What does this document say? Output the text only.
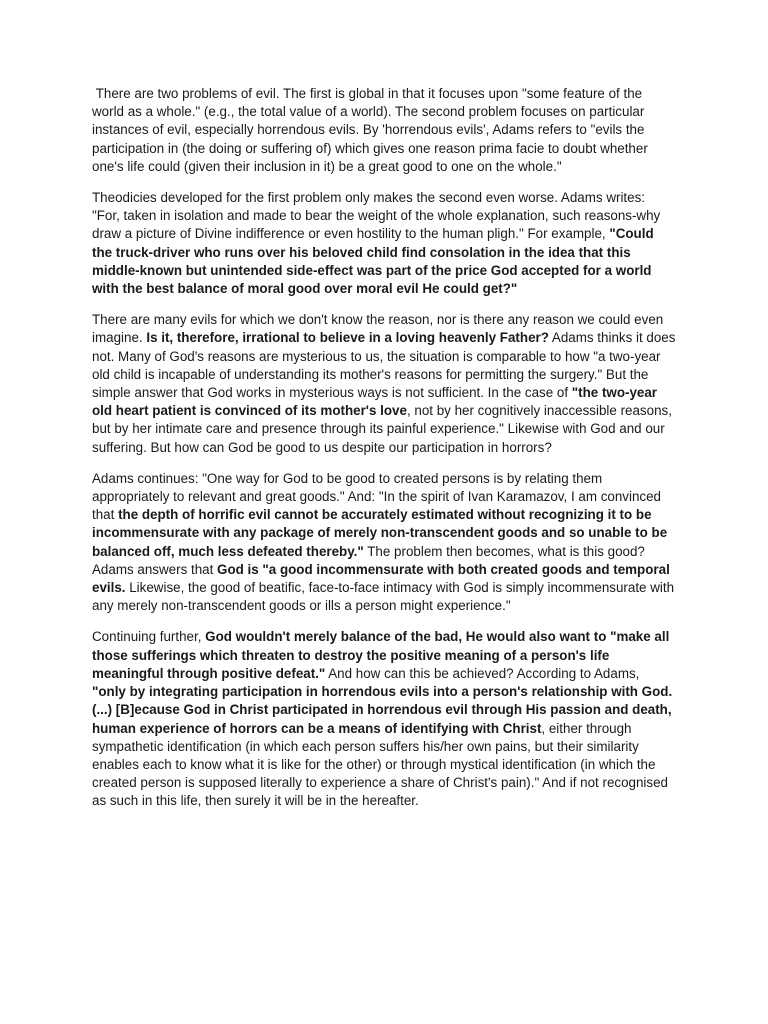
There are two problems of evil. The first is global in that it focuses upon "some feature of the world as a whole." (e.g., the total value of a world). The second problem focuses on particular instances of evil, especially horrendous evils. By 'horrendous evils', Adams refers to "evils the participation in (the doing or suffering of) which gives one reason prima facie to doubt whether one's life could (given their inclusion in it) be a great good to one on the whole."

Theodicies developed for the first problem only makes the second even worse. Adams writes: "For, taken in isolation and made to bear the weight of the whole explanation, such reasons-why draw a picture of Divine indifference or even hostility to the human pligh." For example, "Could the truck-driver who runs over his beloved child find consolation in the idea that this middle-known but unintended side-effect was part of the price God accepted for a world with the best balance of moral good over moral evil He could get?"

There are many evils for which we don't know the reason, nor is there any reason we could even imagine. Is it, therefore, irrational to believe in a loving heavenly Father? Adams thinks it does not. Many of God's reasons are mysterious to us, the situation is comparable to how "a two-year old child is incapable of understanding its mother's reasons for permitting the surgery." But the simple answer that God works in mysterious ways is not sufficient. In the case of "the two-year old heart patient is convinced of its mother's love, not by her cognitively inaccessible reasons, but by her intimate care and presence through its painful experience." Likewise with God and our suffering. But how can God be good to us despite our participation in horrors?

Adams continues: "One way for God to be good to created persons is by relating them appropriately to relevant and great goods." And: "In the spirit of Ivan Karamazov, I am convinced that the depth of horrific evil cannot be accurately estimated without recognizing it to be incommensurate with any package of merely non-transcendent goods and so unable to be balanced off, much less defeated thereby." The problem then becomes, what is this good? Adams answers that God is "a good incommensurate with both created goods and temporal evils. Likewise, the good of beatific, face-to-face intimacy with God is simply incommensurate with any merely non-transcendent goods or ills a person might experience."

Continuing further, God wouldn't merely balance of the bad, He would also want to "make all those sufferings which threaten to destroy the positive meaning of a person's life meaningful through positive defeat." And how can this be achieved? According to Adams, "only by integrating participation in horrendous evils into a person's relationship with God. (...) [B]ecause God in Christ participated in horrendous evil through His passion and death, human experience of horrors can be a means of identifying with Christ, either through sympathetic identification (in which each person suffers his/her own pains, but their similarity enables each to know what it is like for the other) or through mystical identification (in which the created person is supposed literally to experience a share of Christ's pain)." And if not recognised as such in this life, then surely it will be in the hereafter.
